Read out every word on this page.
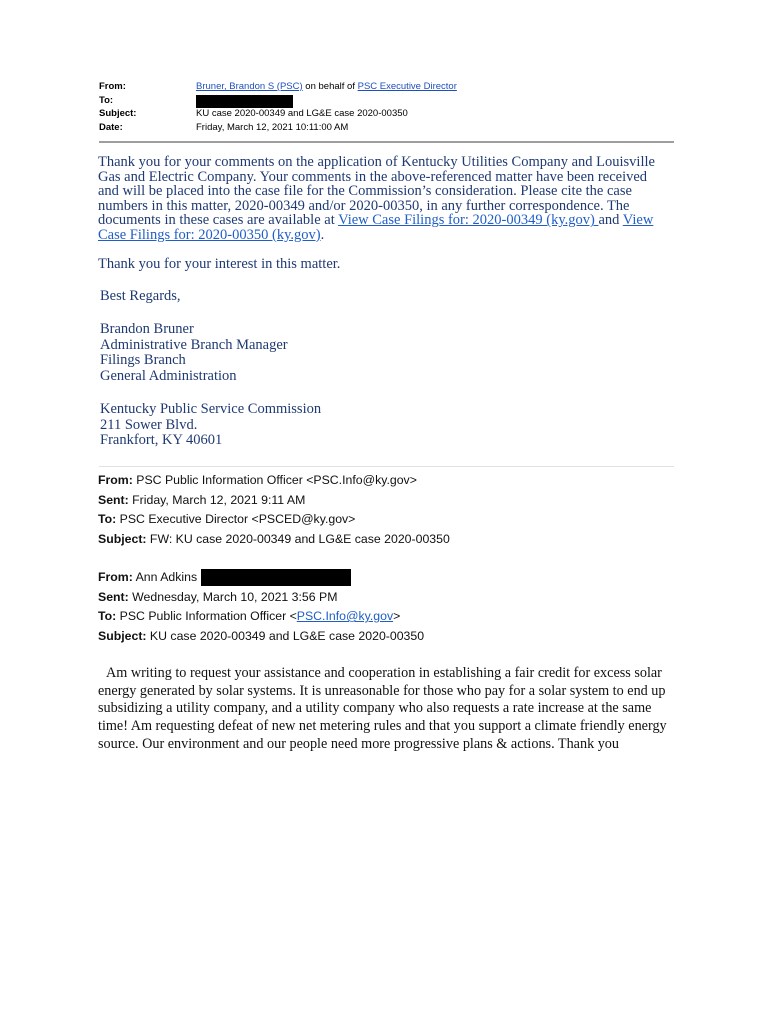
From:	Bruner, Brandon S (PSC) on behalf of PSC Executive Director
To:
Subject:	KU case 2020-00349 and LG&E case 2020-00350
Date:	Friday, March 12, 2021 10:11:00 AM

Thank you for your comments on the application of Kentucky Utilities Company and Louisville Gas and Electric Company. Your comments in the above-referenced matter have been received and will be placed into the case file for the Commission’s consideration. Please cite the case numbers in this matter, 2020-00349 and/or 2020-00350, in any further correspondence. The documents in these cases are available at View Case Filings for: 2020-00349 (ky.gov) and View Case Filings for: 2020-00350 (ky.gov).

Thank you for your interest in this matter.
Best Regards,
Brandon Bruner
Administrative Branch Manager
Filings Branch
General Administration
Kentucky Public Service Commission
211 Sower Blvd.
Frankfort, KY 40601
From: PSC Public Information Officer <PSC.Info@ky.gov>
Sent: Friday, March 12, 2021 9:11 AM
To: PSC Executive Director <PSCED@ky.gov>
Subject: FW: KU case 2020-00349 and LG&E case 2020-00350
From: Ann Adkins
Sent: Wednesday, March 10, 2021 3:56 PM
To: PSC Public Information Officer <PSC.Info@ky.gov>
Subject: KU case 2020-00349 and LG&E case 2020-00350
Am writing to request your assistance and cooperation in establishing a fair credit for excess solar energy generated by solar systems. It is unreasonable for those who pay for a solar system to end up subsidizing a utility company, and a utility company who also requests a rate increase at the same time! Am requesting defeat of new net metering rules and that you support a climate friendly energy source. Our environment and our people need more progressive plans & actions. Thank you
